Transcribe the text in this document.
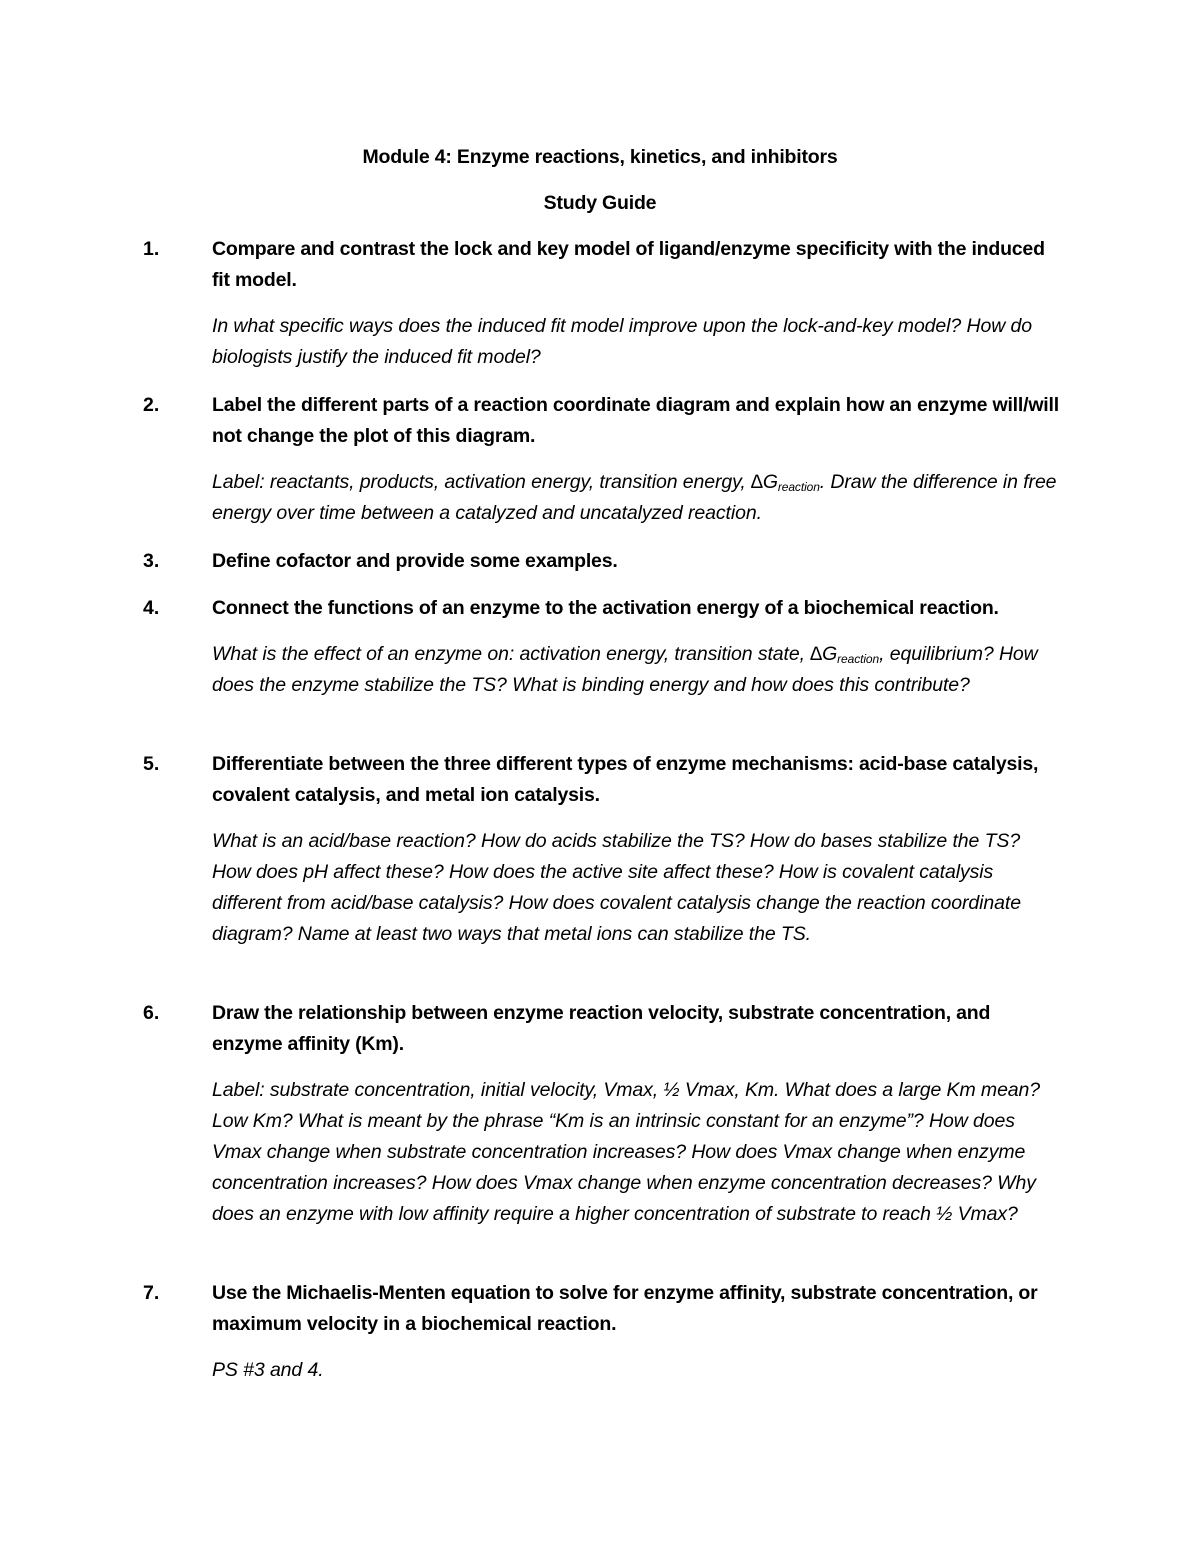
Module 4: Enzyme reactions, kinetics, and inhibitors
Study Guide
1.	Compare and contrast the lock and key model of ligand/enzyme specificity with the induced fit model.
In what specific ways does the induced fit model improve upon the lock-and-key model? How do biologists justify the induced fit model?
2.	Label the different parts of a reaction coordinate diagram and explain how an enzyme will/will not change the plot of this diagram.
Label: reactants, products, activation energy, transition energy, $\Delta G_{reaction}$. Draw the difference in free energy over time between a catalyzed and uncatalyzed reaction.
3.	Define cofactor and provide some examples.
4.	Connect the functions of an enzyme to the activation energy of a biochemical reaction.
What is the effect of an enzyme on: activation energy, transition state, $\Delta G_{reaction}$, equilibrium? How does the enzyme stabilize the TS? What is binding energy and how does this contribute?
5.	Differentiate between the three different types of enzyme mechanisms: acid-base catalysis, covalent catalysis, and metal ion catalysis.
What is an acid/base reaction? How do acids stabilize the TS? How do bases stabilize the TS? How does pH affect these? How does the active site affect these? How is covalent catalysis different from acid/base catalysis? How does covalent catalysis change the reaction coordinate diagram? Name at least two ways that metal ions can stabilize the TS.
6.	Draw the relationship between enzyme reaction velocity, substrate concentration, and enzyme affinity (Km).
Label: substrate concentration, initial velocity, Vmax, ½ Vmax, Km. What does a large Km mean? Low Km? What is meant by the phrase “Km is an intrinsic constant for an enzyme”? How does Vmax change when substrate concentration increases? How does Vmax change when enzyme concentration increases? How does Vmax change when enzyme concentration decreases? Why does an enzyme with low affinity require a higher concentration of substrate to reach ½ Vmax?
7.	Use the Michaelis-Menten equation to solve for enzyme affinity, substrate concentration, or maximum velocity in a biochemical reaction.
PS #3 and 4.
